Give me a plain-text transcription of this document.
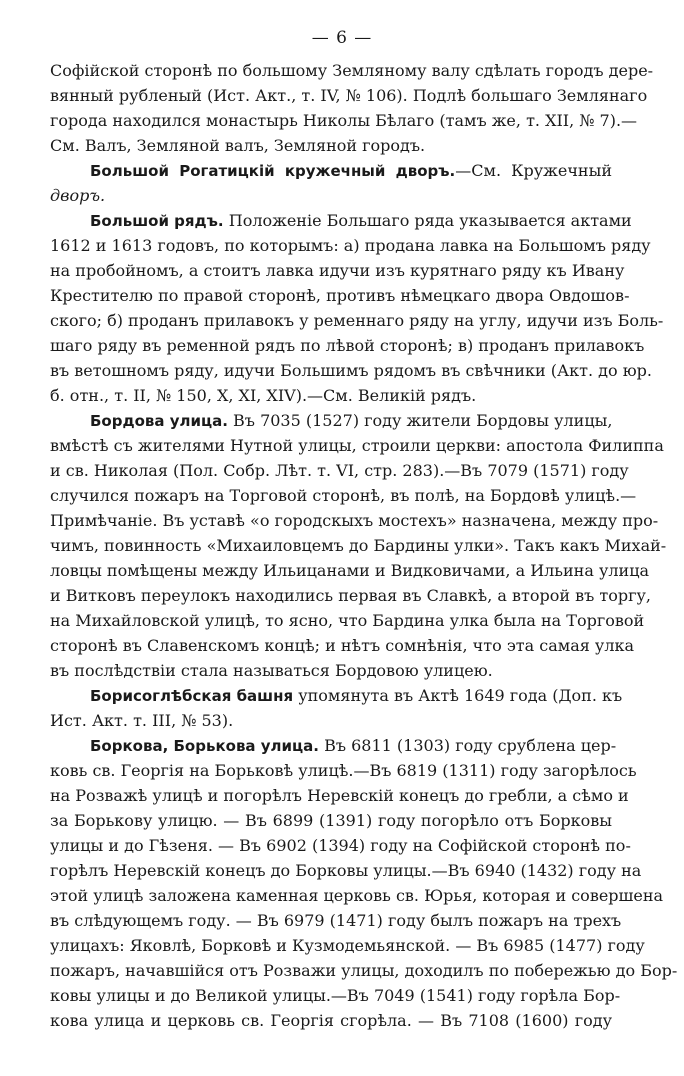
— 6 —
Софійской сторонѣ по большому Земляному валу сдѣлать городъ дере-
вянный рубленый (Ист. Акт., т. IV, № 106). Подлѣ большаго Землянаго
города находился монастырь Николы Бѣлаго (тамъ же, т. XII, № 7).—
См. Валъ, Земляной валъ, Земляной городъ.
Большой Рогатицкій кружечный дворъ.—См. Кружечный
дворъ.
Большой рядъ. Положеніе Большаго ряда указывается актами
1612 и 1613 годовъ, по которымъ: а) продана лавка на Большомъ ряду
на пробойномъ, а стоитъ лавка идучи изъ курятнаго ряду къ Ивану
Крестителю по правой сторонѣ, противъ нѣмецкаго двора Овдошов-
ского; б) проданъ прилавокъ у ременнаго ряду на углу, идучи изъ Боль-
шаго ряду въ ременной рядъ по лѣвой сторонѣ; в) проданъ прилавокъ
въ ветошномъ ряду, идучи Большимъ рядомъ въ свѣчники (Акт. до юр.
б. отн., т. II, № 150, X, XI, XIV).—См. Великій рядъ.
Бордова улица. Въ 7035 (1527) году жители Бордовы улицы,
вмѣстѣ съ жителями Нутной улицы, строили церкви: апостола Филиппа
и св. Николая (Пол. Собр. Лѣт. т. VI, стр. 283).—Въ 7079 (1571) году
случился пожаръ на Торговой сторонѣ, въ полѣ, на Бордовѣ улицѣ.—
Примѣчаніе. Въ уставѣ «о городскыхъ мостехъ» назначена, между про-
чимъ, повинность «Михаиловцемъ до Бардины улки». Такъ какъ Михай-
ловцы помѣщены между Ильицанами и Видковичами, а Ильина улица
и Витковъ переулокъ находились первая въ Славкѣ, а второй въ торгу,
на Михайловской улицѣ, то ясно, что Бардина улка была на Торговой
сторонѣ въ Славенскомъ концѣ; и нѣтъ сомнѣнія, что эта самая улка
въ послѣдствіи стала называться Бордовою улицею.
Борисоглѣбская башня упомянута въ Актѣ 1649 года (Доп. къ
Ист. Акт. т. III, № 53).
Боркова, Борькова улица. Въ 6811 (1303) году срублена цер-
ковь св. Георгія на Борьковѣ улицѣ.—Въ 6819 (1311) году загорѣлось
на Розважѣ улицѣ и погорѣлъ Неревскій конецъ до гребли, а сѣмо и
за Борькову улицю. — Въ 6899 (1391) году погорѣло отъ Борковы
улицы и до Гѣзеня. — Въ 6902 (1394) году на Софійской сторонѣ по-
горѣлъ Неревскій конецъ до Борковы улицы.—Въ 6940 (1432) году на
этой улицѣ заложена каменная церковь св. Юрья, которая и совершена
въ слѣдующемъ году. — Въ 6979 (1471) году былъ пожаръ на трехъ
улицахъ: Яковлѣ, Борковѣ и Кузмодемьянской. — Въ 6985 (1477) году
пожаръ, начавшійся отъ Розважи улицы, доходилъ по побережью до Бор-
ковы улицы и до Великой улицы.—Въ 7049 (1541) году горѣла Бор-
кова улица и церковь св. Георгія сгорѣла. — Въ 7108 (1600) году
